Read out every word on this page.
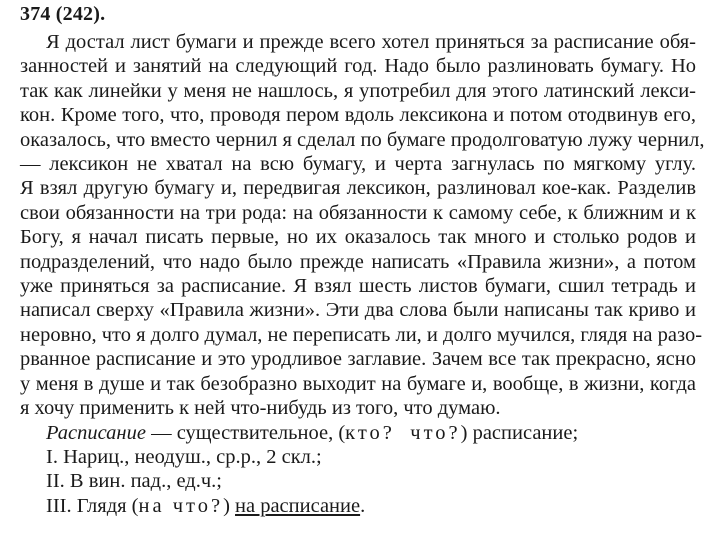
374 (242).
Я достал лист бумаги и прежде всего хотел приняться за расписание обя-
занностей и занятий на следующий год. Надо было разлиновать бумагу. Но
так как линейки у меня не нашлось, я употребил для этого латинский лекси-
кон. Кроме того, что, проводя пером вдоль лексикона и потом отодвинув его,
оказалось, что вместо чернил я сделал по бумаге продолговатую лужу чернил,
— лексикон не хватал на всю бумагу, и черта загнулась по мягкому углу.
Я взял другую бумагу и, передвигая лексикон, разлиновал кое-как. Разделив
свои обязанности на три рода: на обязанности к самому себе, к ближним и к
Богу, я начал писать первые, но их оказалось так много и столько родов и
подразделений, что надо было прежде написать «Правила жизни», а потом
уже приняться за расписание. Я взял шесть листов бумаги, сшил тетрадь и
написал сверху «Правила жизни». Эти два слова были написаны так криво и
неровно, что я долго думал, не переписать ли, и долго мучился, глядя на разо-
рванное расписание и это уродливое заглавие. Зачем все так прекрасно, ясно
у меня в душе и так безобразно выходит на бумаге и, вообще, в жизни, когда
я хочу применить к ней что-нибудь из того, что думаю.
Расписание — существительное, (кто? что?) расписание;
I. Нариц., неодуш., ср.р., 2 скл.;
II. В вин. пад., ед.ч.;
III. Глядя (на что?) на расписание.
